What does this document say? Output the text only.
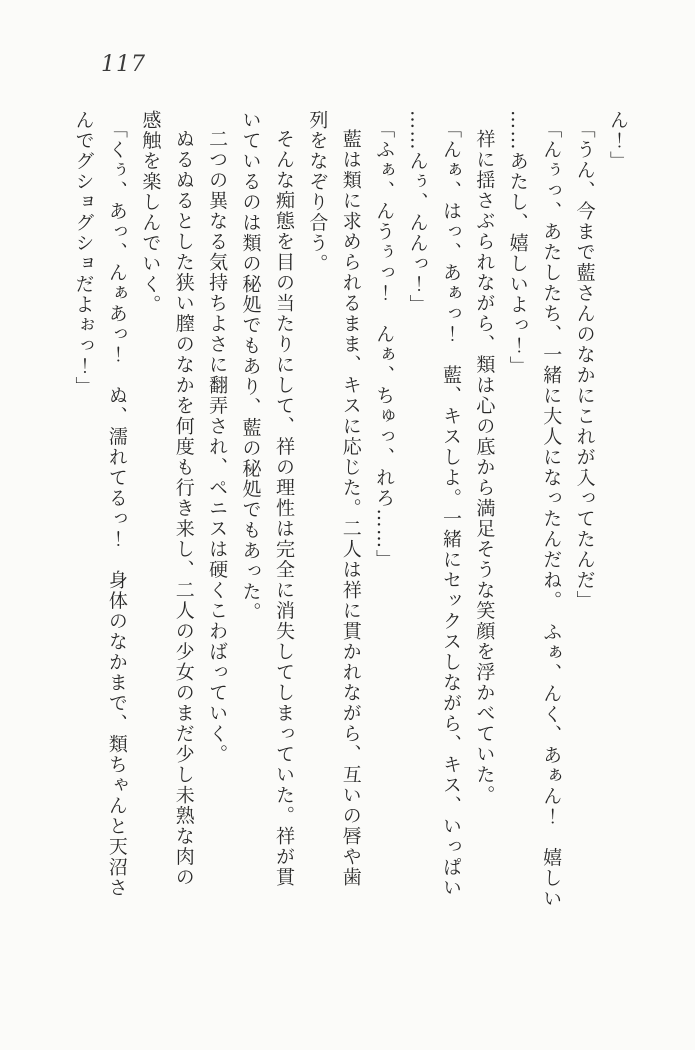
117
ん！」
「うん、今まで藍さんのなかにこれが入ってたんだ」
「んぅっ、あたしたち、一緒に大人になったんだね。　ふぁ、んく、あぁん！　嬉しい
……あたし、嬉しいよっ！」
祥に揺さぶられながら、類は心の底から満足そうな笑顔を浮かべていた。
「んぁ、はっ、あぁっ！　藍、キスしよ。一緒にセックスしながら、キス、いっぱい
……んぅ、んんっ！」
「ふぁ、んうぅっ！　んぁ、ちゅっ、れろ……」
藍は類に求められるまま、キスに応じた。二人は祥に貫かれながら、互いの唇や歯
列をなぞり合う。
そんな痴態を目の当たりにして、祥の理性は完全に消失してしまっていた。祥が貫
いているのは類の秘処でもあり、藍の秘処でもあった。
二つの異なる気持ちよさに翻弄され、ペニスは硬くこわばっていく。
ぬるぬるとした狭い膣のなかを何度も行き来し、二人の少女のまだ少し未熟な肉の
感触を楽しんでいく。
「くぅ、あっ、んぁあっ！　ぬ、濡れてるっ！　身体のなかまで、類ちゃんと天沼さ
んでグショグショだよぉっ！」
